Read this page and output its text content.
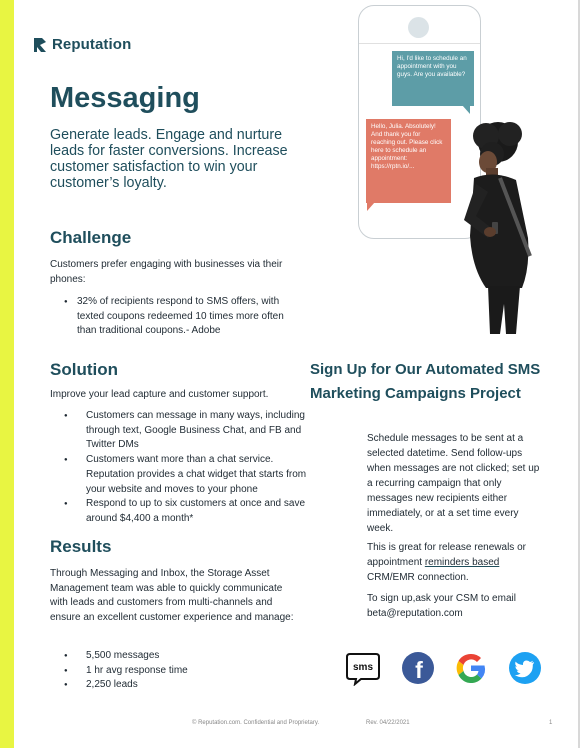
Reputation
Messaging
Generate leads. Engage and nurture leads for faster conversions. Increase customer satisfaction to win your customer’s loyalty.
Challenge
Customers prefer engaging with businesses via their phones:
● 32% of recipients respond to SMS offers, with texted coupons redeemed 10 times more often than traditional coupons.- Adobe
Solution
Improve your lead capture and customer support.
● Customers can message in many ways, including through text, Google Business Chat, and FB and Twitter DMs
● Customers want more than a chat service. Reputation provides a chat widget that starts from your website and moves to your phone
● Respond to up to six customers at once and save around $4,400 a month*
Results
Through Messaging and Inbox, the Storage Asset Management team was able to quickly communicate with leads and customers from multi-channels and ensure an excellent customer experience and manage:
● 5,500 messages
● 1 hr avg response time
● 2,250 leads
Sign Up for Our Automated SMS Marketing Campaigns Project
Schedule messages to be sent at a selected datetime. Send follow-ups when messages are not clicked; set up a recurring campaign that only messages new recipients either immediately, or at a set time every week.
This is great for release renewals or appointment reminders based CRM/EMR connection.
To sign up,ask your CSM to email beta@reputation.com
Hi, I'd like to schedule an appointment with you guys. Are you available?
Hello, Julia. Absolutely! And thank you for reaching out. Please click here to schedule an appointment: https://rptn.io/...
sms f
© Reputation.com. Confidential and Proprietary.	Rev. 04/22/2021	1
